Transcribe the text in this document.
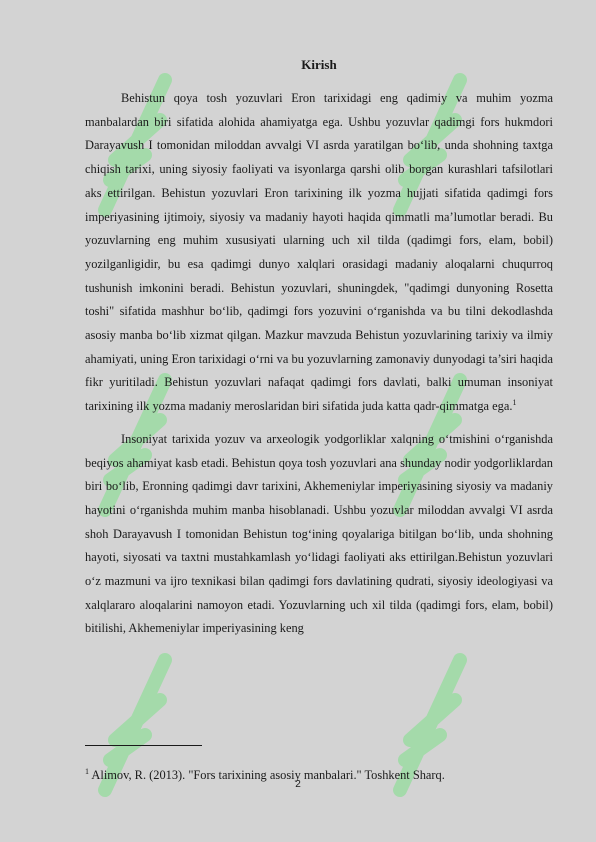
Kirish

Behistun qoya tosh yozuvlari Eron tarixidagi eng qadimiy va muhim yozma manbalardan biri sifatida alohida ahamiyatga ega. Ushbu yozuvlar qadimgi fors hukmdori Darayavush I tomonidan miloddan avvalgi VI asrda yaratilgan bo‘lib, unda shohning taxtga chiqish tarixi, uning siyosiy faoliyati va isyonlarga qarshi olib borgan kurashlari tafsilotlari aks ettirilgan. Behistun yozuvlari Eron tarixining ilk yozma hujjati sifatida qadimgi fors imperiyasining ijtimoiy, siyosiy va madaniy hayoti haqida qimmatli ma’lumotlar beradi. Bu yozuvlarning eng muhim xususiyati ularning uch xil tilda (qadimgi fors, elam, bobil) yozilganligidir, bu esa qadimgi dunyo xalqlari orasidagi madaniy aloqalarni chuqurroq tushunish imkonini beradi. Behistun yozuvlari, shuningdek, "qadimgi dunyoning Rosetta toshi" sifatida mashhur bo‘lib, qadimgi fors yozuvini o‘rganishda va bu tilni dekodlashda asosiy manba bo‘lib xizmat qilgan. Mazkur mavzuda Behistun yozuvlarining tarixiy va ilmiy ahamiyati, uning Eron tarixidagi o‘rni va bu yozuvlarning zamonaviy dunyodagi ta’siri haqida fikr yuritiladi. Behistun yozuvlari nafaqat qadimgi fors davlati, balki umuman insoniyat tarixining ilk yozma madaniy meroslaridan biri sifatida juda katta qadr-qimmatga ega.$^1$

Insoniyat tarixida yozuv va arxeologik yodgorliklar xalqning o‘tmishini o‘rganishda beqiyos ahamiyat kasb etadi. Behistun qoya tosh yozuvlari ana shunday nodir yodgorliklardan biri bo‘lib, Eronning qadimgi davr tarixini, Akhemeniylar imperiyasining siyosiy va madaniy hayotini o‘rganishda muhim manba hisoblanadi. Ushbu yozuvlar miloddan avvalgi VI asrda shoh Darayavush I tomonidan Behistun tog‘ining qoyalariga bitilgan bo‘lib, unda shohning hayoti, siyosati va taxtni mustahkamlash yo‘lidagi faoliyati aks ettirilgan.Behistun yozuvlari o‘z mazmuni va ijro texnikasi bilan qadimgi fors davlatining qudrati, siyosiy ideologiyasi va xalqlararo aloqalarini namoyon etadi. Yozuvlarning uch xil tilda (qadimgi fors, elam, bobil) bitilishi, Akhemeniylar imperiyasining keng

$^1$ Alimov, R. (2013). "Fors tarixining asosiy manbalari." Toshkent Sharq.

2
